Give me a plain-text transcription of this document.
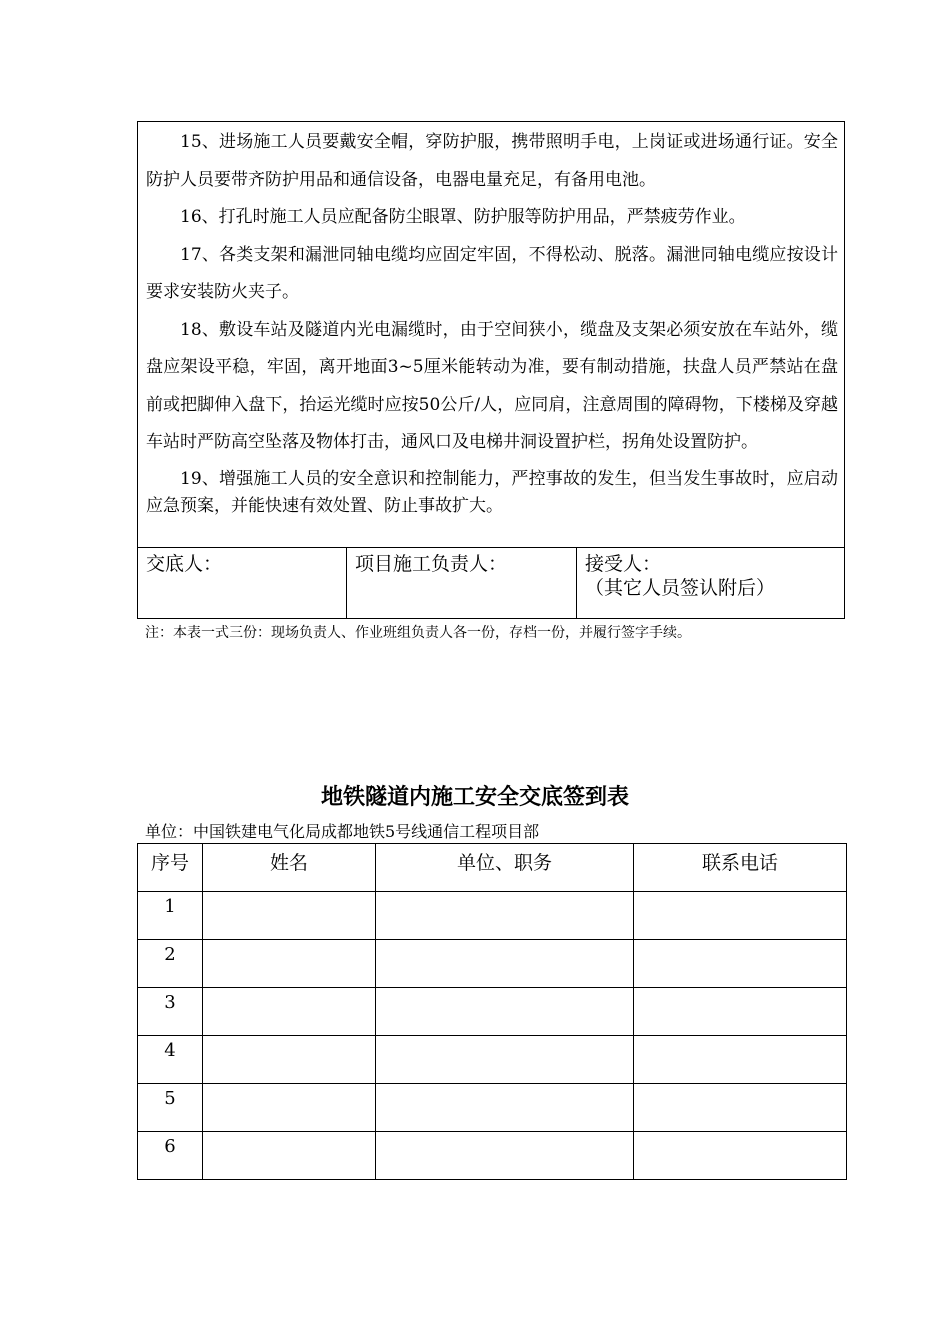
15、进场施工人员要戴安全帽，穿防护服，携带照明手电，上岗证或进场通行证。安全防护人员要带齐防护用品和通信设备，电器电量充足，有备用电池。

16、打孔时施工人员应配备防尘眼罩、防护服等防护用品，严禁疲劳作业。

17、各类支架和漏泄同轴电缆均应固定牢固，不得松动、脱落。漏泄同轴电缆应按设计要求安装防火夹子。

18、敷设车站及隧道内光电漏缆时，由于空间狭小，缆盘及支架必须安放在车站外，缆盘应架设平稳，牢固，离开地面3~5厘米能转动为准，要有制动措施，扶盘人员严禁站在盘前或把脚伸入盘下，抬运光缆时应按50公斤/人，应同肩，注意周围的障碍物，下楼梯及穿越车站时严防高空坠落及物体打击，通风口及电梯井洞设置护栏，拐角处设置防护。

19、增强施工人员的安全意识和控制能力，严控事故的发生，但当发生事故时，应启动应急预案，并能快速有效处置、防止事故扩大。

交底人：	项目施工负责人：	接受人：
（其它人员签认附后）
注：本表一式三份：现场负责人、作业班组负责人各一份，存档一份，并履行签字手续。
地铁隧道内施工安全交底签到表
单位：中国铁建电气化局成都地铁5号线通信工程项目部
序号	姓名	单位、职务	联系电话
1			
2			
3			
4			
5			
6			
